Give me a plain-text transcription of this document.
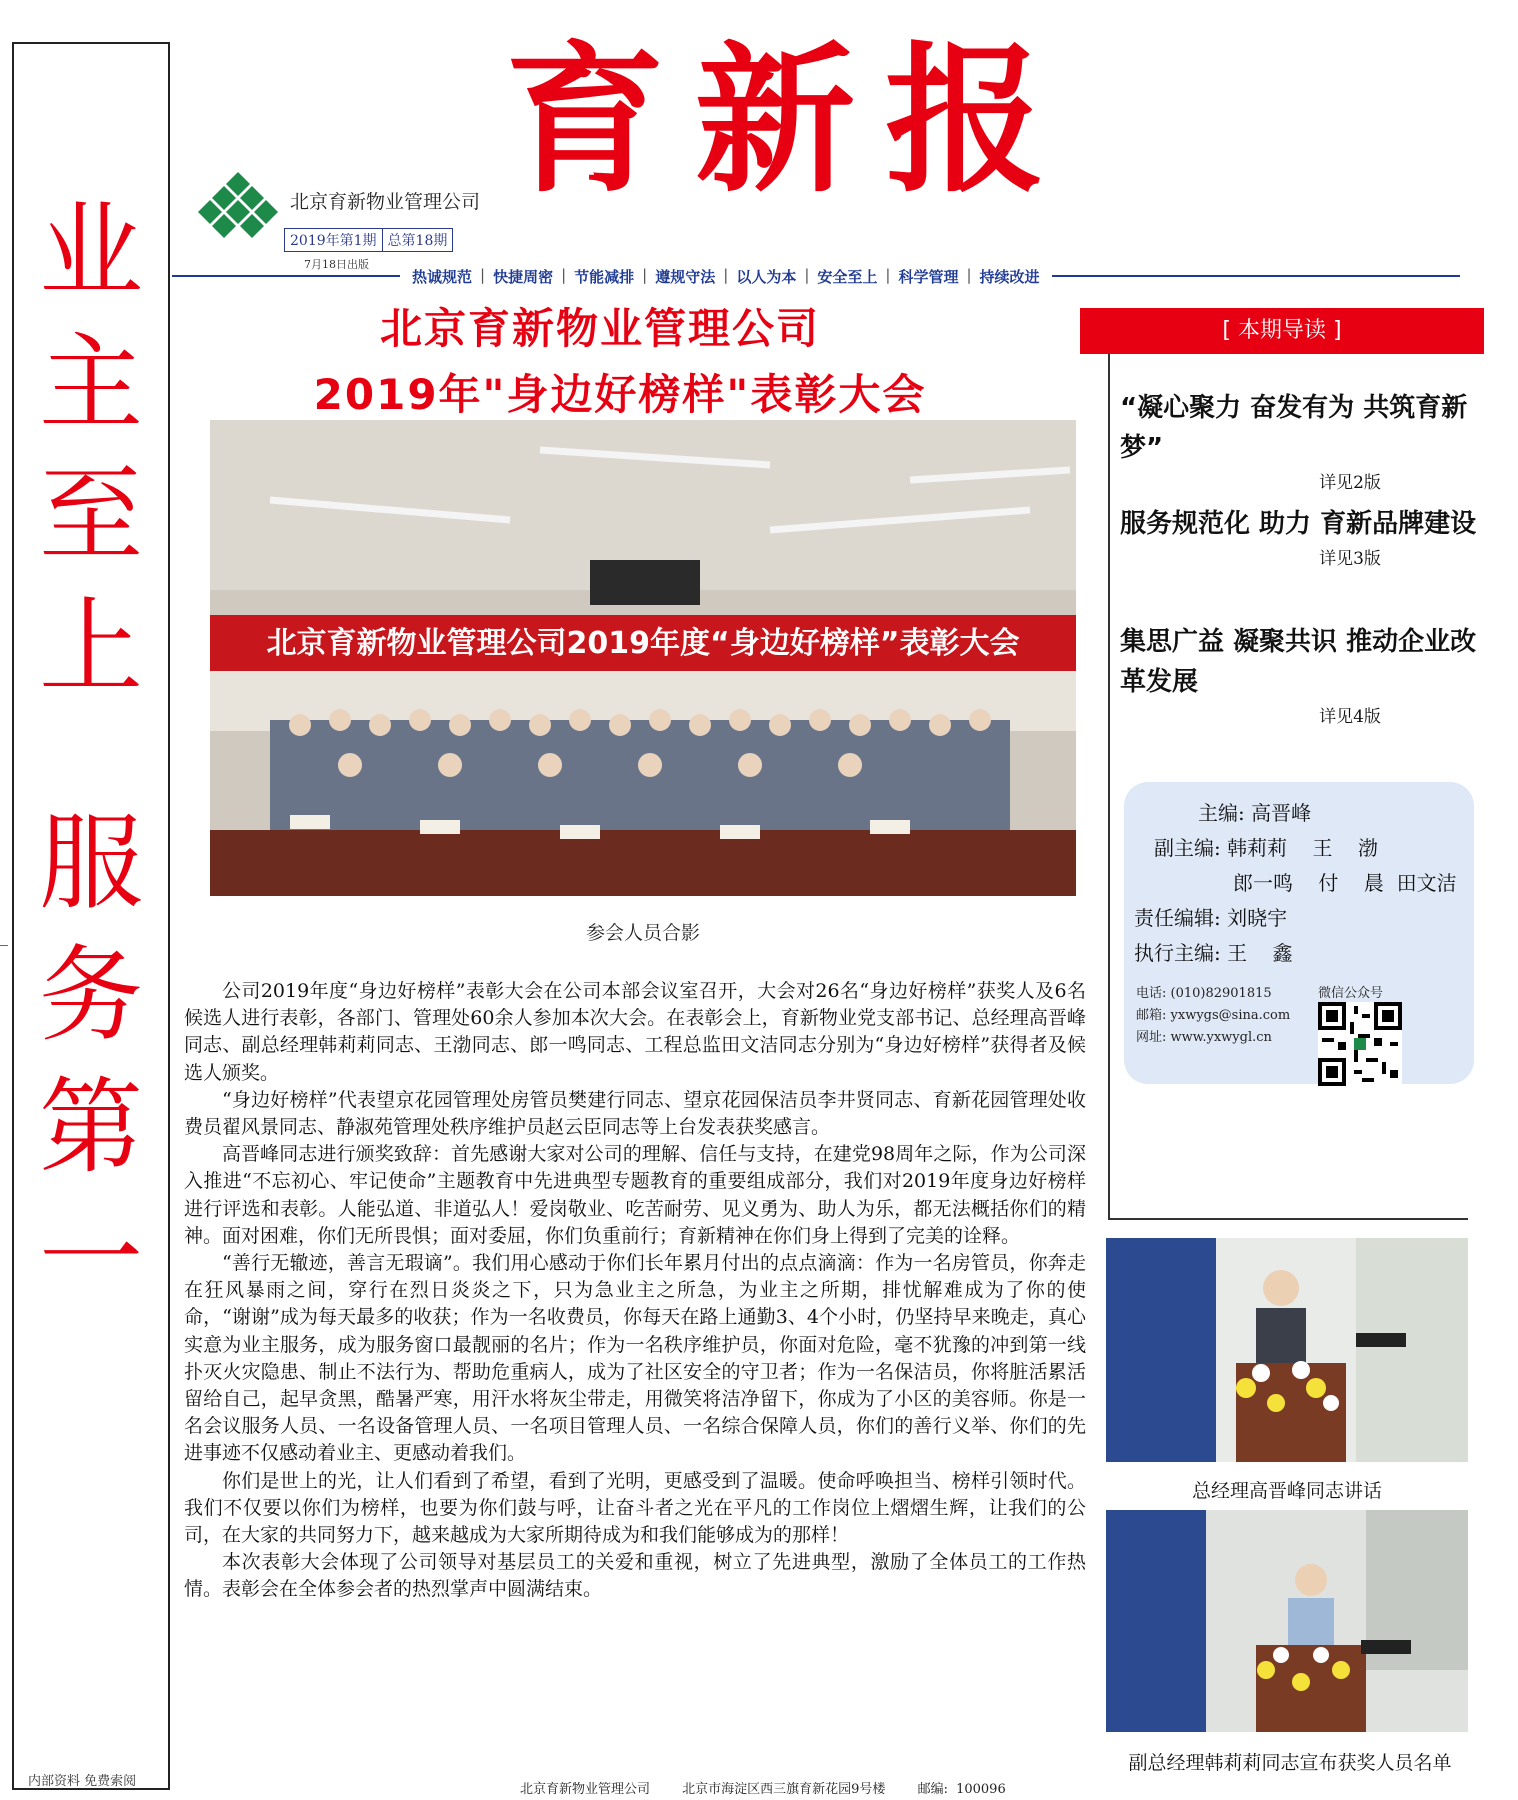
业
主
至
上
服
务
第
一
内部资料 免费索阅
育新报
北京育新物业管理公司
2019年第1期 总第18期
7月18日出版
热诚规范 | 快捷周密 | 节能减排 | 遵规守法 | 以人为本 | 安全至上 | 科学管理 | 持续改进
北京育新物业管理公司
2019年"身边好榜样"表彰大会
北京育新物业管理公司2019年度“身边好榜样”表彰大会
参会人员合影

公司2019年度“身边好榜样”表彰大会在公司本部会议室召开，大会对26名“身边好榜样”获奖人及6名候选人进行表彰，各部门、管理处60余人参加本次大会。在表彰会上，育新物业党支部书记、总经理高晋峰同志、副总经理韩莉莉同志、王渤同志、郎一鸣同志、工程总监田文洁同志分别为“身边好榜样”获得者及候选人颁奖。

“身边好榜样”代表望京花园管理处房管员樊建行同志、望京花园保洁员李井贤同志、育新花园管理处收费员翟风景同志、静淑苑管理处秩序维护员赵云臣同志等上台发表获奖感言。

高晋峰同志进行颁奖致辞：首先感谢大家对公司的理解、信任与支持，在建党98周年之际，作为公司深入推进“不忘初心、牢记使命”主题教育中先进典型专题教育的重要组成部分，我们对2019年度身边好榜样进行评选和表彰。人能弘道、非道弘人！爱岗敬业、吃苦耐劳、见义勇为、助人为乐，都无法概括你们的精神。面对困难，你们无所畏惧；面对委屈，你们负重前行；育新精神在你们身上得到了完美的诠释。

“善行无辙迹，善言无瑕谪”。我们用心感动于你们长年累月付出的点点滴滴：作为一名房管员，你奔走在狂风暴雨之间，穿行在烈日炎炎之下，只为急业主之所急，为业主之所期，排忧解难成为了你的使命，“谢谢”成为每天最多的收获；作为一名收费员，你每天在路上通勤3、4个小时，仍坚持早来晚走，真心实意为业主服务，成为服务窗口最靓丽的名片；作为一名秩序维护员，你面对危险，毫不犹豫的冲到第一线扑灭火灾隐患、制止不法行为、帮助危重病人，成为了社区安全的守卫者；作为一名保洁员，你将脏活累活留给自己，起早贪黑，酷暑严寒，用汗水将灰尘带走，用微笑将洁净留下，你成为了小区的美容师。你是一名会议服务人员、一名设备管理人员、一名项目管理人员、一名综合保障人员，你们的善行义举、你们的先进事迹不仅感动着业主、更感动着我们。

你们是世上的光，让人们看到了希望，看到了光明，更感受到了温暖。使命呼唤担当、榜样引领时代。我们不仅要以你们为榜样，也要为你们鼓与呼，让奋斗者之光在平凡的工作岗位上熠熠生辉，让我们的公司，在大家的共同努力下，越来越成为大家所期待成为和我们能够成为的那样！

本次表彰大会体现了公司领导对基层员工的关爱和重视，树立了先进典型，激励了全体员工的工作热情。表彰会在全体参会者的热烈掌声中圆满结束。

[ 本期导读 ]
“凝心聚力 奋发有为 共筑育新梦”
详见2版
服务规范化 助力 育新品牌建设
详见3版
集思广益 凝聚共识 推动企业改革发展
详见4版
主编: 高晋峰
副主编: 韩莉莉    王    渤
郎一鸣    付    晨  田文洁
责任编辑: 刘晓宇
执行主编: 王    鑫
电话: (010)82901815
邮箱: yxwygs@sina.com
网址: www.yxwygl.cn
微信公众号
总经理高晋峰同志讲话
副总经理韩莉莉同志宣布获奖人员名单
北京育新物业管理公司 北京市海淀区西三旗育新花园9号楼 邮编: 100096
